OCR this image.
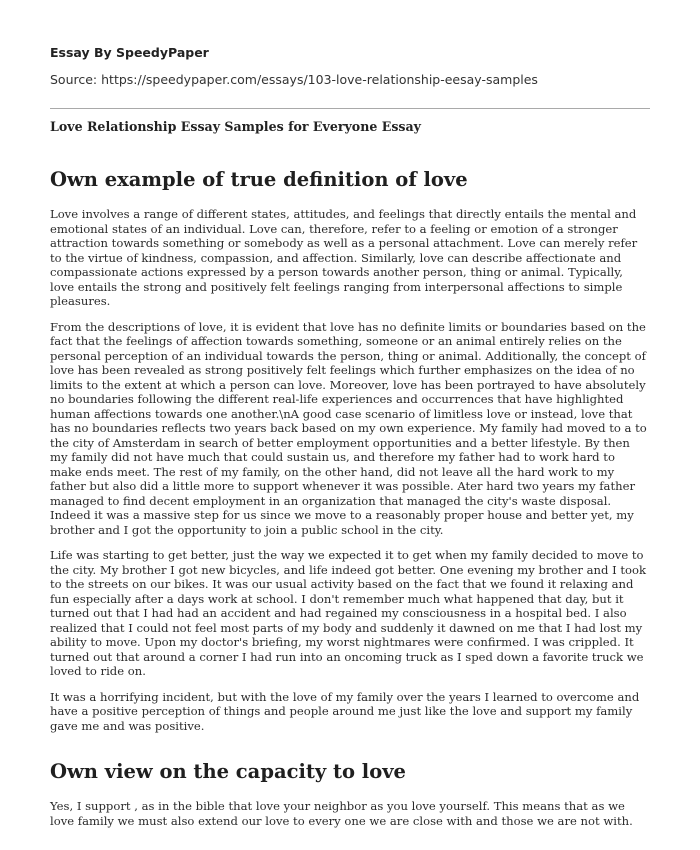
Essay By SpeedyPaper
Source: https://speedypaper.com/essays/103-love-relationship-eesay-samples
Love Relationship Essay Samples for Everyone Essay
Own example of true definition of love

Love involves a range of different states, attitudes, and feelings that directly entails the mental and emotional states of an individual. Love can, therefore, refer to a feeling or emotion of a stronger attraction towards something or somebody as well as a personal attachment. Love can merely refer to the virtue of kindness, compassion, and affection. Similarly, love can describe affectionate and compassionate actions expressed by a person towards another person, thing or animal. Typically, love entails the strong and positively felt feelings ranging from interpersonal affections to simple pleasures.

From the descriptions of love, it is evident that love has no definite limits or boundaries based on the fact that the feelings of affection towards something, someone or an animal entirely relies on the personal perception of an individual towards the person, thing or animal. Additionally, the concept of love has been revealed as strong positively felt feelings which further emphasizes on the idea of no limits to the extent at which a person can love. Moreover, love has been portrayed to have absolutely no boundaries following the different real-life experiences and occurrences that have highlighted human affections towards one another.\nA good case scenario of limitless love or instead, love that has no boundaries reflects two years back based on my own experience. My family had moved to a to the city of Amsterdam in search of better employment opportunities and a better lifestyle. By then my family did not have much that could sustain us, and therefore my father had to work hard to make ends meet. The rest of my family, on the other hand, did not leave all the hard work to my father but also did a little more to support whenever it was possible. Ater hard two years my father managed to find decent employment in an organization that managed the city's waste disposal. Indeed it was a massive step for us since we move to a reasonably proper house and better yet, my brother and I got the opportunity to join a public school in the city.

Life was starting to get better, just the way we expected it to get when my family decided to move to the city. My brother I got new bicycles, and life indeed got better. One evening my brother and I took to the streets on our bikes. It was our usual activity based on the fact that we found it relaxing and fun especially after a days work at school. I don't remember much what happened that day, but it turned out that I had had an accident and had regained my consciousness in a hospital bed. I also realized that I could not feel most parts of my body and suddenly it dawned on me that I had lost my ability to move. Upon my doctor's briefing, my worst nightmares were confirmed. I was crippled. It turned out that around a corner I had run into an oncoming truck as I sped down a favorite truck we loved to ride on.

It was a horrifying incident, but with the love of my family over the years I learned to overcome and have a positive perception of things and people around me just like the love and support my family gave me and was positive.

Own view on the capacity to love

Yes, I support , as in the bible that love your neighbor as you love yourself. This means that as we love family we must also extend our love to every one we are close with and those we are not with.
